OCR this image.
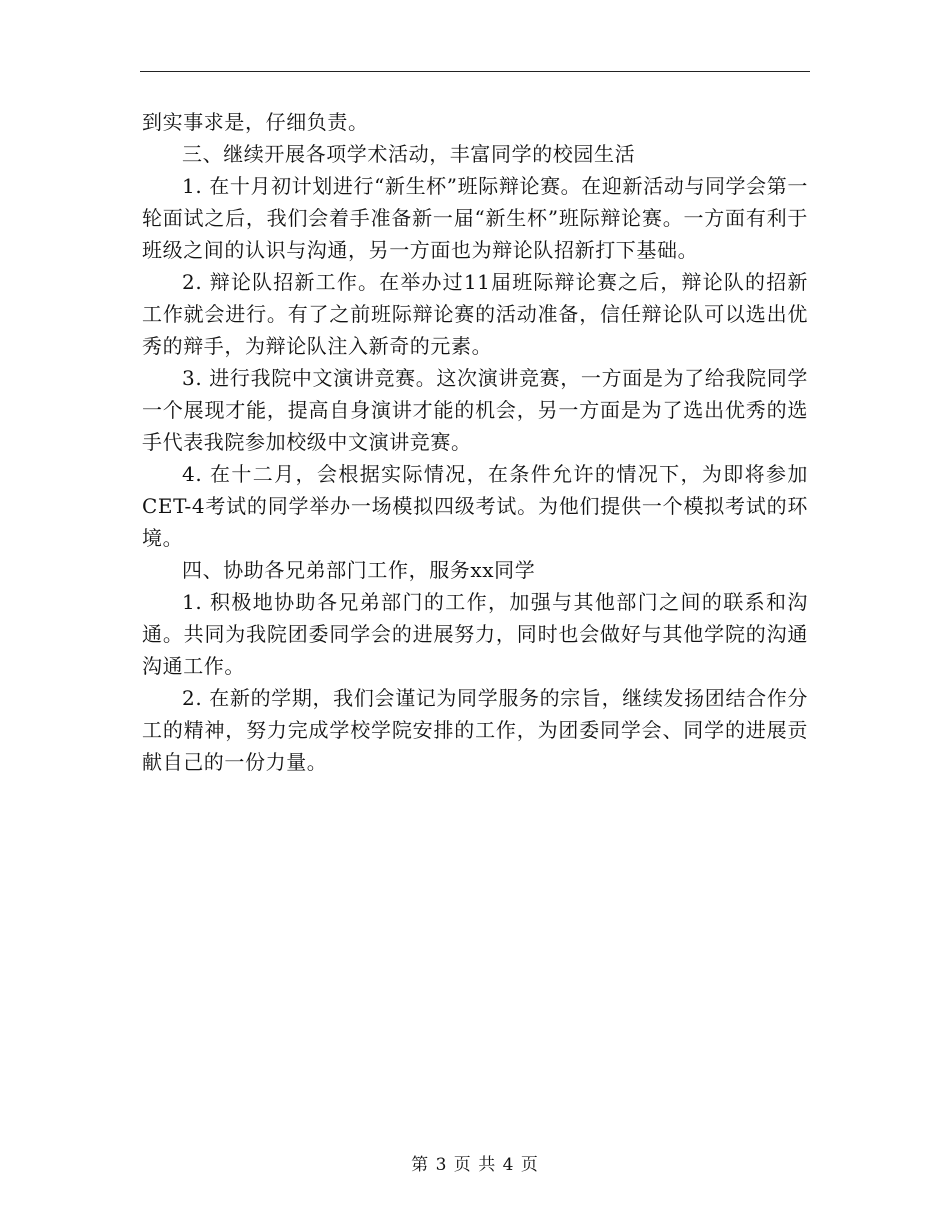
到实事求是，仔细负责。

三、继续开展各项学术活动，丰富同学的校园生活

1. 在十月初计划进行“新生杯”班际辩论赛。在迎新活动与同学会第一轮面试之后，我们会着手准备新一届“新生杯”班际辩论赛。一方面有利于班级之间的认识与沟通，另一方面也为辩论队招新打下基础。

2. 辩论队招新工作。在举办过11届班际辩论赛之后，辩论队的招新工作就会进行。有了之前班际辩论赛的活动准备，信任辩论队可以选出优秀的辩手，为辩论队注入新奇的元素。

3. 进行我院中文演讲竞赛。这次演讲竞赛，一方面是为了给我院同学一个展现才能，提高自身演讲才能的机会，另一方面是为了选出优秀的选手代表我院参加校级中文演讲竞赛。

4. 在十二月，会根据实际情况，在条件允许的情况下，为即将参加CET-4考试的同学举办一场模拟四级考试。为他们提供一个模拟考试的环境。

四、协助各兄弟部门工作，服务xx同学

1. 积极地协助各兄弟部门的工作，加强与其他部门之间的联系和沟通。共同为我院团委同学会的进展努力，同时也会做好与其他学院的沟通沟通工作。

2. 在新的学期，我们会谨记为同学服务的宗旨，继续发扬团结合作分工的精神，努力完成学校学院安排的工作，为团委同学会、同学的进展贡献自己的一份力量。

第 3 页 共 4 页
